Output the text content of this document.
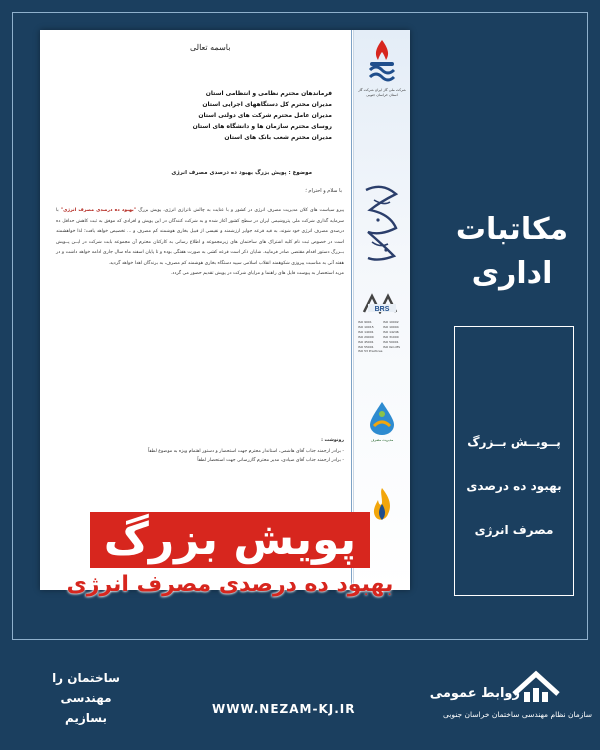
باسمه تعالی
فرماندهان محترم نظامی و انتظامی استان
مدیران محترم کل دستگاههای اجرایی استان
مدیران عامل محترم شرکت های دولتی استان
روسای محترم سازمان ها و دانشگاه های استان
مدیران محترم شعب بانک های استان
موضوع : پویش بزرگ بهبود ده درصدی مصرف انرژی
با سلام و احترام ؛
پیرو سیاست های کلان مدیریت مصرف انرژی در کشور و با عنایت به چالش ناترازی انرژی، پویش بزرگ "بهبود ده درصدی مصرف انرژی" با سرمایه گذاری شرکت ملی پتروشیمی ایران در سطح کشور آغاز شده و به شرکت کنندگان در این پویش و افرادی که موفق به ثبت کاهش حداقل ده درصدی مصرف انرژی خود شوند، به قید قرعه جوایز ارزشمند و نفیسی از قبیل بخاری هوشمند کم مصرف و ... تخصیص خواهد یافت؛ لذا خواهشمند است در خصوص ثبت نام کلیه اشتراک های ساختمان های زیرمجموعه و اطلاع رسانی به کارکنان محترم آن مجموعه بابت شرکت در ایــن پــویش بــزرگ دستور اقدام مقتضی صادر فرمایید. شایان ذکر است قرعه کشی به صورت هفتگی بوده و تا پایان اسفند ماه سال جاری ادامه خواهد داشت و در هفته آتی به مناسبت پیروزی شکوهمند انقلاب اسلامی سپید دستگاه بخاری هوشمند کم مصرف، به برندگان اهدا خواهد گردید.
مزید استحضار به پیوست فایل های راهنما و مزایای شرکت در پویش تقدیم حضور می گردد.
رونوشت :
- برادر ارجمند جناب آقای هاشمی، استاندار محترم جهت استحضار و دستور اهتمام ویژه به موضوع لطفاً
- برادر ارجمند جناب آقای صیادی، مدیر محترم گازرسانی جهت استحضار لطفاً
شرکت ملی گاز ایران شرکت گاز استان خراسان جنوبی
BRS
ISO 9001	ISO 10002
ISO 10015	ISO 10004
ISO 14001	ISO 14246
ISO 29000	ISO 31000
ISO 45001	ISO 50001
ISO 55001	ISO IGC-MS
ISO 53 Practices
مدیریت مصرف
مکاتبات
اداری
پــویــش بــزرگ
بهبود ده درصدی
مصرف انرژی
پویش بزرگ
بهبود ده درصدی مصرف انرژی
ساختمان را
مهندسی
بسازیم
WWW.NEZAM-KJ.IR
روابط عمومی
سازمان نظام مهندسی ساختمان خراسان جنوبی
